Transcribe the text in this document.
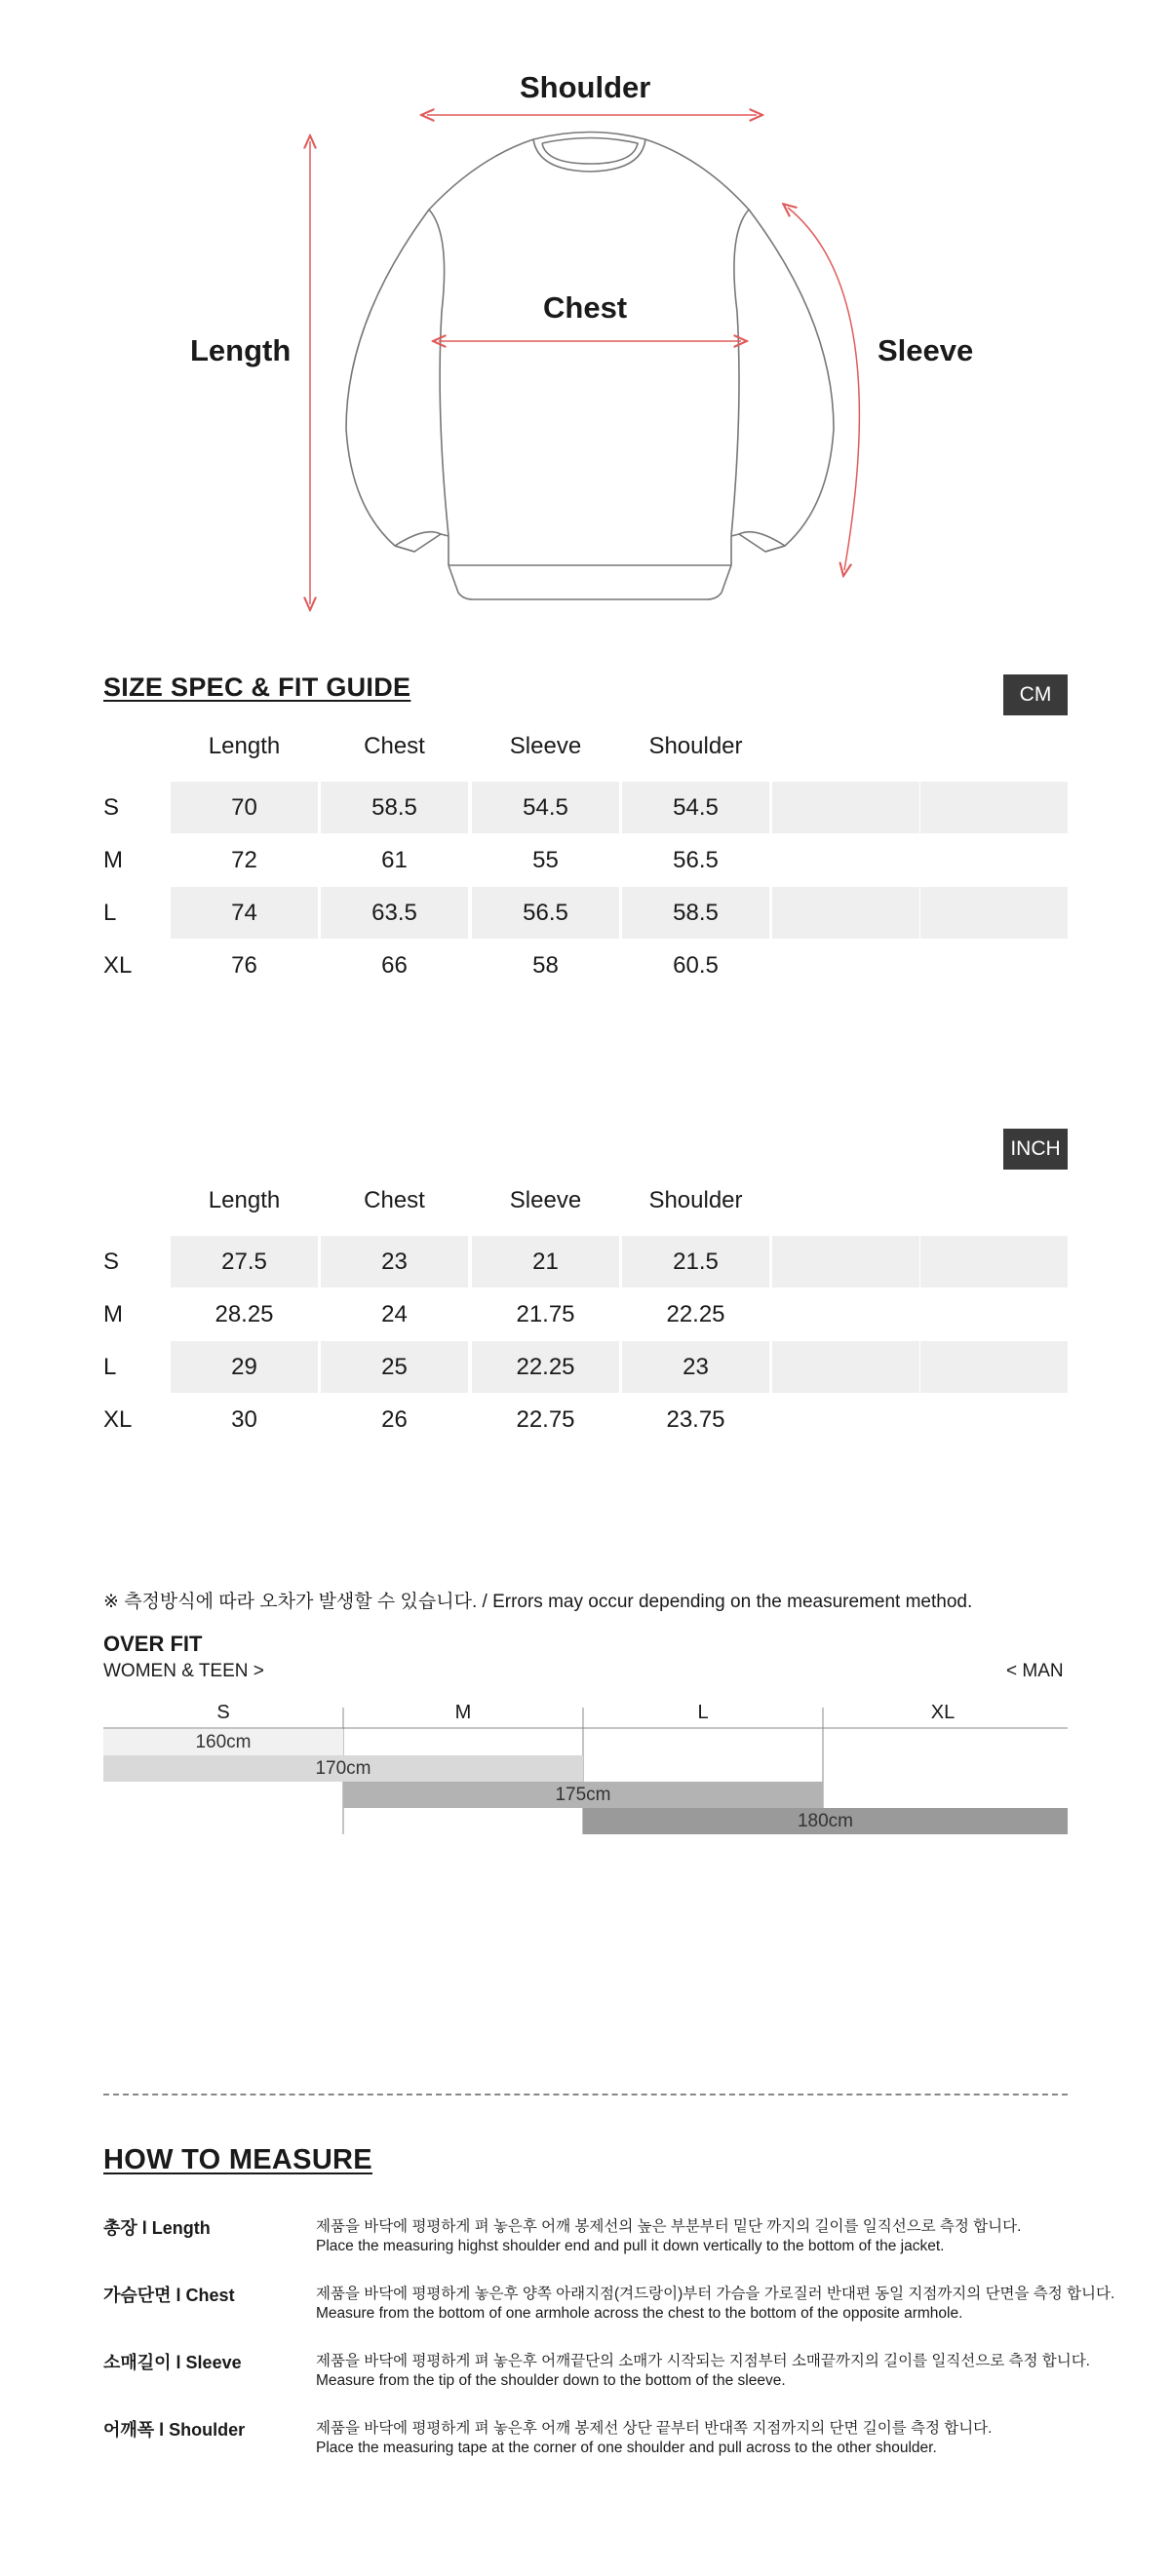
Shoulder
Chest
Length	Sleeve
SIZE SPEC & FIT GUIDE	CM
Length	Chest	Sleeve	Shoulder
S	70	58.5	54.5	54.5
M	72	61	55	56.5
L	74	63.5	56.5	58.5
XL	76	66	58	60.5
INCH
Length	Chest	Sleeve	Shoulder
S	27.5	23	21	21.5
M	28.25	24	21.75	22.25
L	29	25	22.25	23
XL	30	26	22.75	23.75
※ 측정방식에 따라 오차가 발생할 수 있습니다. / Errors may occur depending on the measurement method.
OVER FIT
WOMEN & TEEN >	< MAN
S	M	L	XL
160cm
170cm
175cm
180cm
HOW TO MEASURE
총장 l Length	제품을 바닥에 평평하게 펴 놓은후 어깨 봉제선의 높은 부분부터 밑단 까지의 길이를 일직선으로 측정 합니다.
Place the measuring highst shoulder end and pull it down vertically to the bottom of the jacket.
가슴단면 l Chest	제품을 바닥에 평평하게 놓은후 양쪽 아래지점(겨드랑이)부터 가슴을 가로질러 반대편 동일 지점까지의 단면을 측정 합니다.
Measure from the bottom of one armhole across the chest to the bottom of the opposite armhole.
소매길이 l Sleeve	제품을 바닥에 평평하게 펴 놓은후 어깨끝단의 소매가 시작되는 지점부터 소매끝까지의 길이를 일직선으로 측정 합니다.
Measure from the tip of the shoulder down to the bottom of the sleeve.
어깨폭 l Shoulder	제품을 바닥에 평평하게 펴 놓은후 어깨 봉제선 상단 끝부터 반대쪽 지점까지의 단면 길이를 측정 합니다.
Place the measuring tape at the corner of one shoulder and pull across to the other shoulder.
